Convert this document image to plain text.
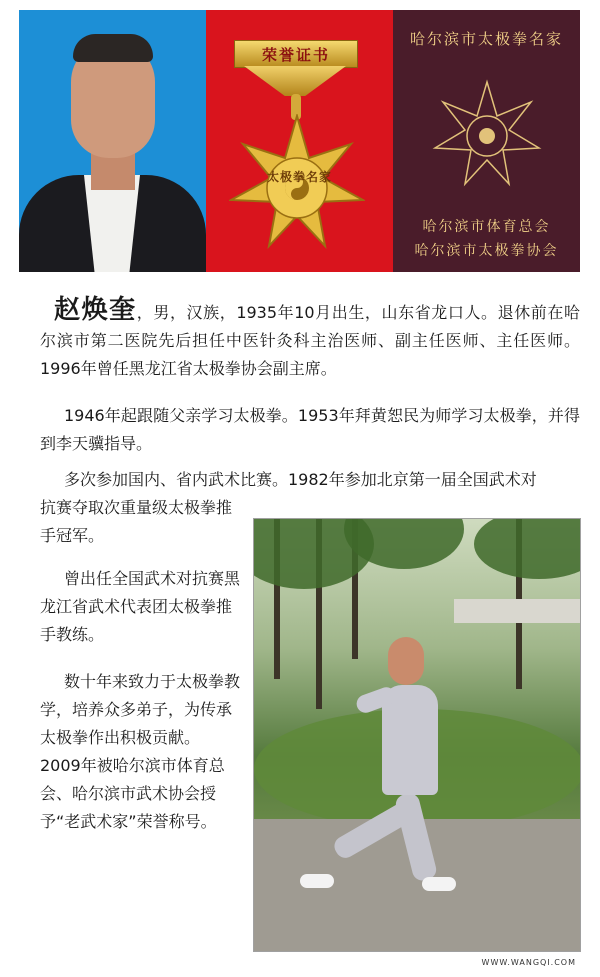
荣誉证书
太极拳名家
哈尔滨市太极拳名家
哈尔滨市体育总会
哈尔滨市太极拳协会
赵焕奎，男，汉族，1935年10月出生，山东省龙口人。退休前在哈尔滨市第二医院先后担任中医针灸科主治医师、副主任医师、主任医师。1996年曾任黑龙江省太极拳协会副主席。
1946年起跟随父亲学习太极拳。1953年拜黄恕民为师学习太极拳，并得到李天骥指导。
多次参加国内、省内武术比赛。1982年参加北京第一届全国武术对
抗赛夺取次重量级太极拳推手冠军。
曾出任全国武术对抗赛黑龙江省武术代表团太极拳推手教练。
数十年来致力于太极拳教学，培养众多弟子，为传承太极拳作出积极贡献。2009年被哈尔滨市体育总会、哈尔滨市武术协会授予“老武术家”荣誉称号。
WWW.WANGQI.COM
